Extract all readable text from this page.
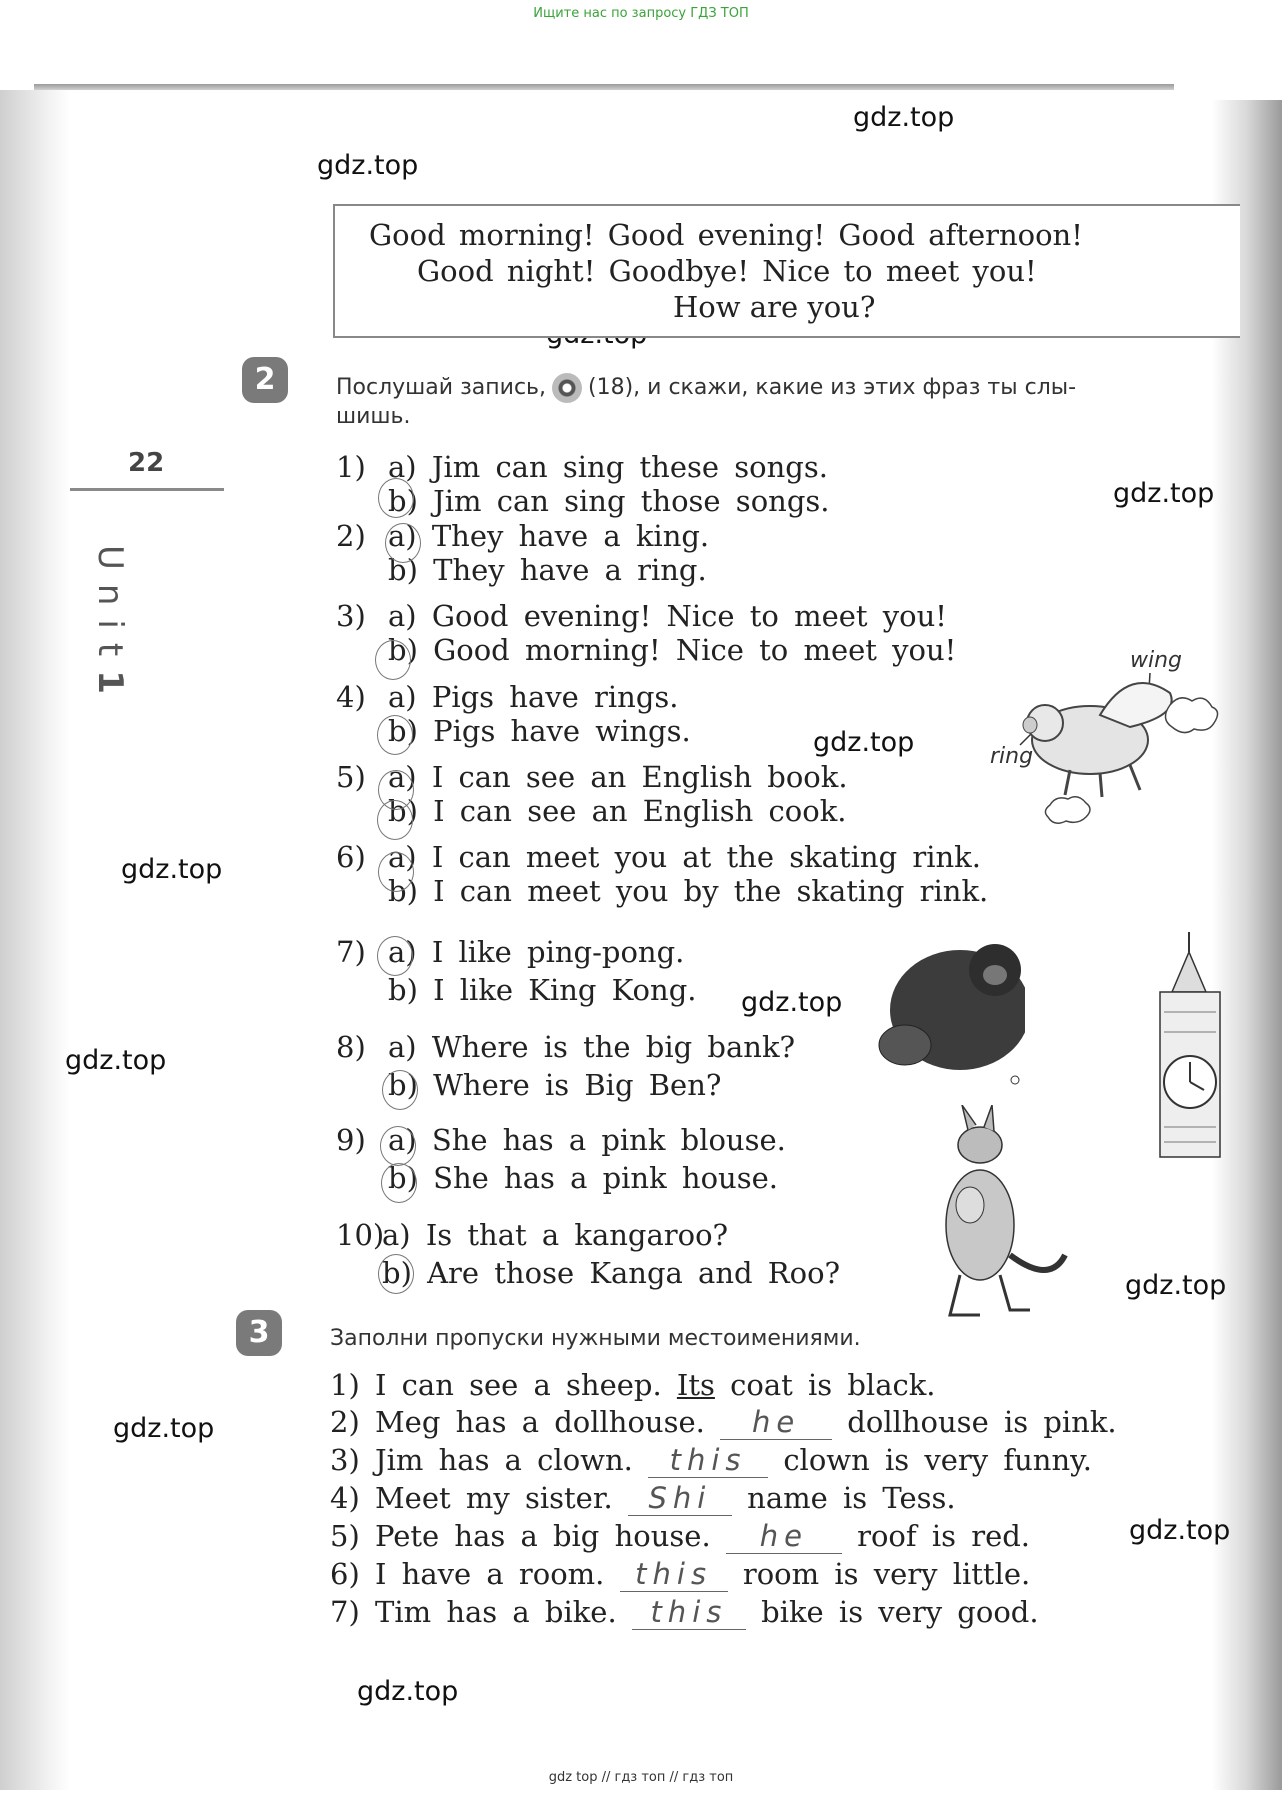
Ищите нас по запросу ГДЗ ТОП
gdz.top
gdz.top
gdz.top
gdz.top
gdz.top
gdz.top
gdz.top
gdz.top
gdz.top
gdz.top
gdz.top
22
Unit1
Good morning! Good evening! Good afternoon!
Good night! Goodbye! Nice to meet you!
How are you?
2	Послушай запись, (18), и скажи, какие из этих фраз ты слы-
шишь.
1) a) Jim can sing these songs.
b) Jim can sing those songs.
2) a) They have a king.
b) They have a ring.
3) a) Good evening! Nice to meet you!
b) Good morning! Nice to meet you!
4) a) Pigs have rings.
b) Pigs have wings.
5) a) I can see an English book.
b) I can see an English cook.
6) a) I can meet you at the skating rink.
b) I can meet you by the skating rink.
7) a) I like ping-pong.
b) I like King Kong.
8) a) Where is the big bank?
b) Where is Big Ben?
9) a) She has a pink blouse.
b) She has a pink house.
10)
a) Is that a kangaroo?
b) Are those Kanga and Roo?
wing
ring
3	Заполни пропуски нужными местоимениями.
1) I can see a sheep. Its coat is black.
2) Meg has a dollhouse. he dollhouse is pink.
3) Jim has a clown. this clown is very funny.
4) Meet my sister. Shi name is Tess.
5) Pete has a big house. he roof is red.
6) I have a room. this room is very little.
7) Tim has a bike. this bike is very good.
gdz top // гдз топ // гдз топ
